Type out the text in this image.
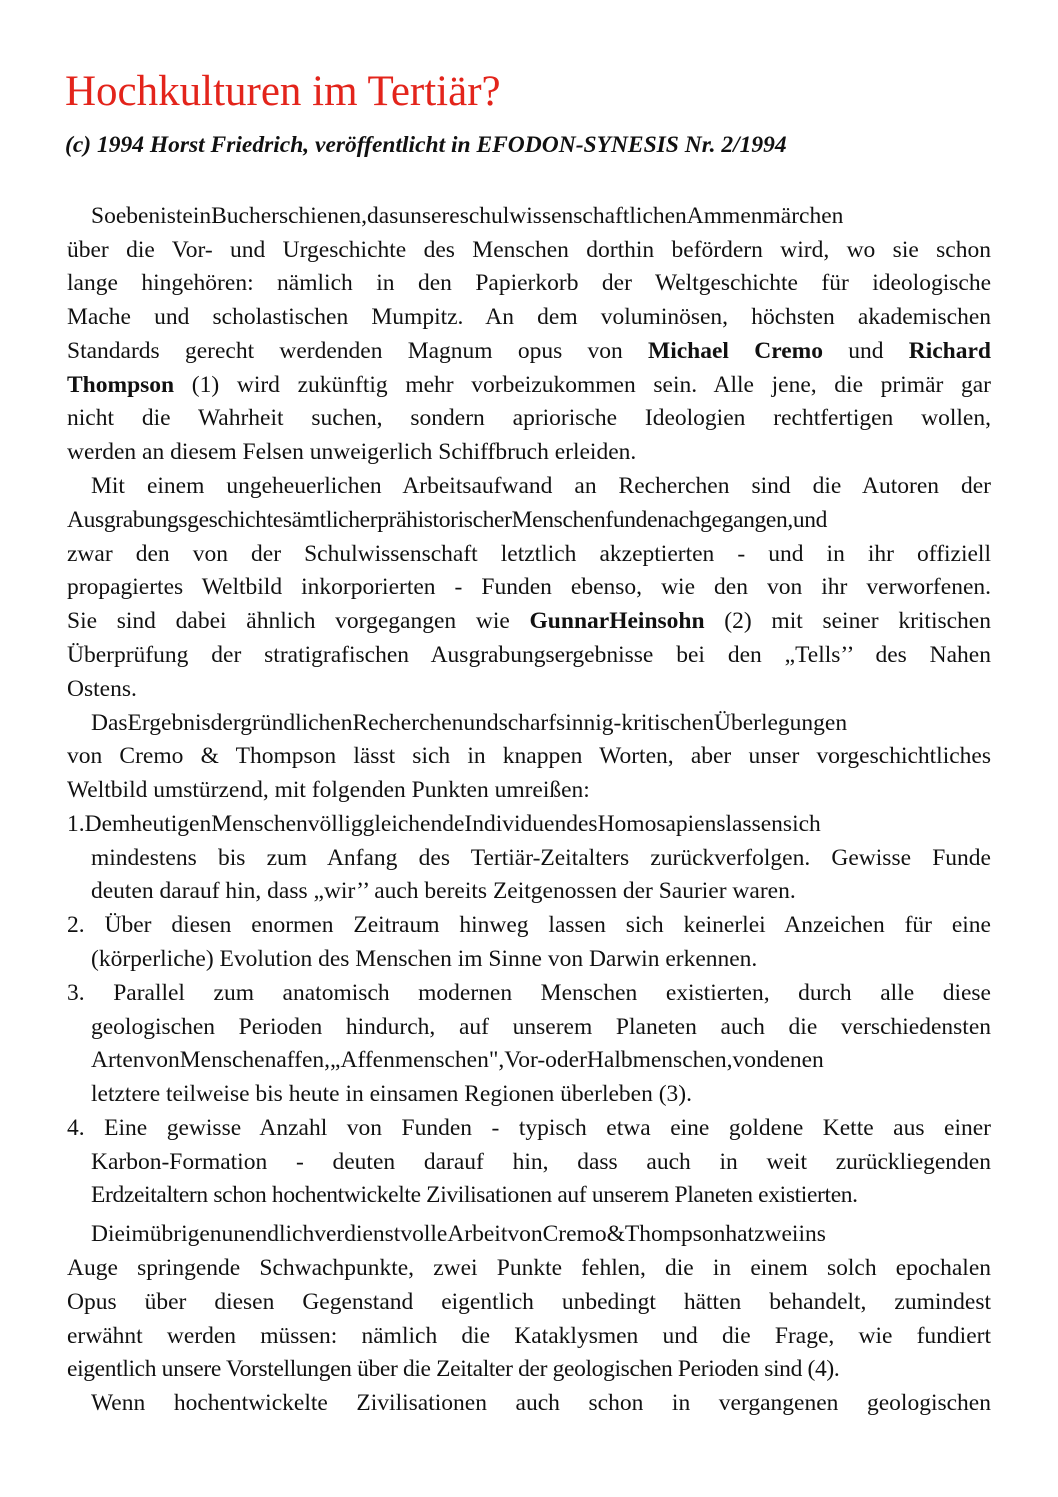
Hochkulturen im Tertiär?
(c) 1994 Horst Friedrich, veröffentlicht in EFODON-SYNESIS Nr. 2/1994

SoebenisteinBucherschienen,dasunsereschulwissenschaftlichenAmmenmärchen

über die Vor- und Urgeschichte des Menschen dorthin befördern wird, wo sie schon

lange hingehören: nämlich in den Papierkorb der Weltgeschichte für ideologische

Mache und scholastischen Mumpitz. An dem voluminösen, höchsten akademischen

Standards gerecht werdenden Magnum opus von Michael Cremo und Richard

Thompson (1) wird zukünftig mehr vorbeizukommen sein. Alle jene, die primär gar

nicht die Wahrheit suchen, sondern apriorische Ideologien rechtfertigen wollen,

werden an diesem Felsen unweigerlich Schiffbruch erleiden.

Mit einem ungeheuerlichen Arbeitsaufwand an Recherchen sind die Autoren der

AusgrabungsgeschichtesämtlicherprähistorischerMenschenfundenachgegangen,und

zwar den von der Schulwissenschaft letztlich akzeptierten - und in ihr offiziell

propagiertes Weltbild inkorporierten - Funden ebenso, wie den von ihr verworfenen.

Sie sind dabei ähnlich vorgegangen wie GunnarHeinsohn (2) mit seiner kritischen

Überprüfung der stratigrafischen Ausgrabungsergebnisse bei den „Tells’’ des Nahen

Ostens.

DasErgebnisdergründlichenRecherchenundscharfsinnig-kritischenÜberlegungen

von Cremo & Thompson lässt sich in knappen Worten, aber unser vorgeschichtliches

Weltbild umstürzend, mit folgenden Punkten umreißen:

1.DemheutigenMenschenvölliggleichendeIndividuendesHomosapienslassensich

mindestens bis zum Anfang des Tertiär-Zeitalters zurückverfolgen. Gewisse Funde

deuten darauf hin, dass „wir’’ auch bereits Zeitgenossen der Saurier waren.

2. Über diesen enormen Zeitraum hinweg lassen sich keinerlei Anzeichen für eine

(körperliche) Evolution des Menschen im Sinne von Darwin erkennen.

3. Parallel zum anatomisch modernen Menschen existierten, durch alle diese

geologischen Perioden hindurch, auf unserem Planeten auch die verschiedensten

ArtenvonMenschenaffen,„Affenmenschen",Vor-oderHalbmenschen,vondenen

letztere teilweise bis heute in einsamen Regionen überleben (3).

4. Eine gewisse Anzahl von Funden - typisch etwa eine goldene Kette aus einer

Karbon-Formation - deuten darauf hin, dass auch in weit zurückliegenden

Erdzeitaltern schon hochentwickelte Zivilisationen auf unserem Planeten existierten.

DieimübrigenunendlichverdienstvolleArbeitvonCremo&Thompsonhatzweiins

Auge springende Schwachpunkte, zwei Punkte fehlen, die in einem solch epochalen

Opus über diesen Gegenstand eigentlich unbedingt hätten behandelt, zumindest

erwähnt werden müssen: nämlich die Kataklysmen und die Frage, wie fundiert

eigentlich unsere Vorstellungen über die Zeitalter der geologischen Perioden sind (4).

Wenn hochentwickelte Zivilisationen auch schon in vergangenen geologischen
